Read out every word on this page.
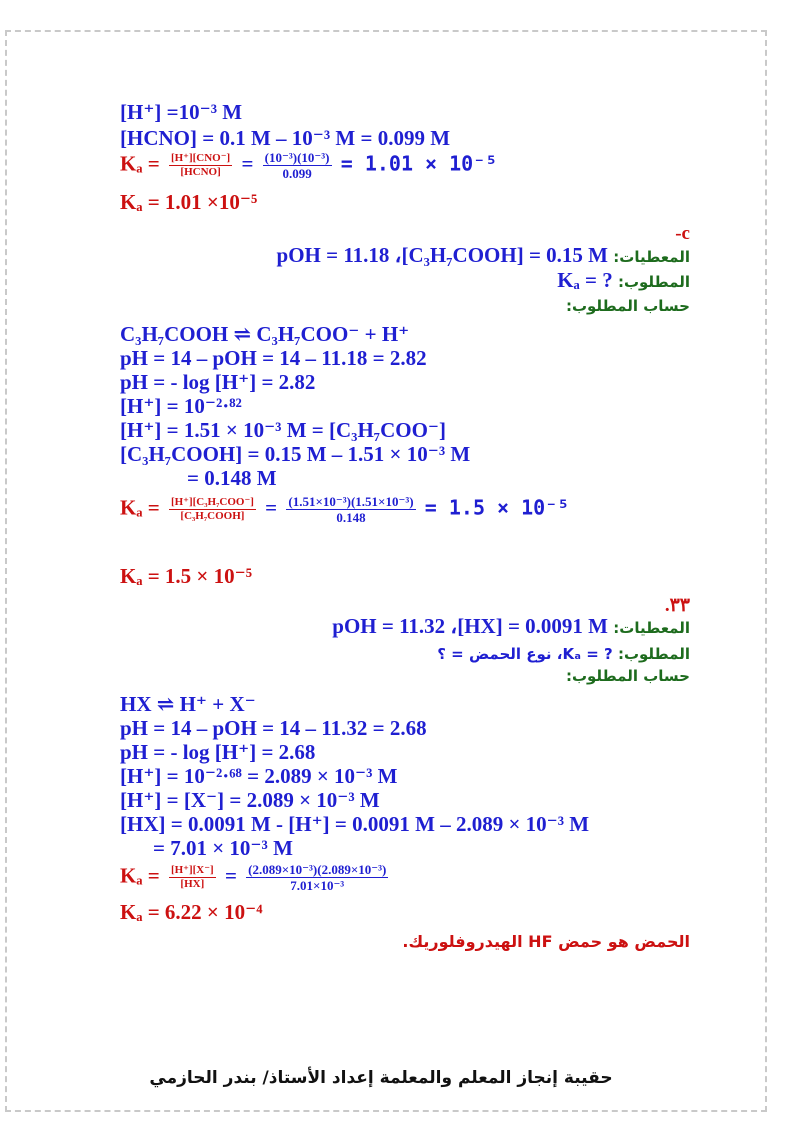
[H⁺] =10⁻³ M
[HCNO] = 0.1 M – 10⁻³ M = 0.099 M
$K_a = \frac{\text{[H⁺][CNO⁻]}}{\text{[HCNO]}} = \frac{\text{(10⁻³)(10⁻³)}}{0.099} = 1.01 \times 10^{-5}$
Kₐ = 1.01 ×10⁻⁵
-c
المعطيات: pOH = 11.18 ،[C₃H₇COOH] = 0.15 M
المطلوب: Kₐ = ?
حساب المطلوب:
C₃H₇COOH ⇌ C₃H₇COO⁻ + H⁺
pH = 14 – pOH = 14 – 11.18 = 2.82
pH = - log [H⁺] = 2.82
[H⁺] = 10⁻²·⁸²
[H⁺] = 1.51 × 10⁻³ M = [C₃H₇COO⁻]
[C₃H₇COOH] = 0.15 M – 1.51 × 10⁻³ M
= 0.148 M
$K_a = \frac{\text{[H⁺][C₃H₇COO⁻]}}{\text{[C₃H₇COOH]}} = \frac{\text{(1.51×10⁻³)(1.51×10⁻³)}}{0.148} = 1.5 \times 10^{-5}$
Kₐ = 1.5 × 10⁻⁵
.٣٣
المعطيات: pOH = 11.32 ،[HX] = 0.0091 M
المطلوب: ? = Kₐ، نوع الحمض = ؟
حساب المطلوب:
HX ⇌ H⁺ + X⁻
pH = 14 – pOH = 14 – 11.32 = 2.68
pH = - log [H⁺] = 2.68
[H⁺] = 10⁻²·⁶⁸ = 2.089 × 10⁻³ M
[H⁺] = [X⁻] = 2.089 × 10⁻³ M
[HX] = 0.0091 M - [H⁺] = 0.0091 M – 2.089 × 10⁻³ M
= 7.01 × 10⁻³ M
$K_a = \frac{[H^+][X^-]}{[HX]} = \frac{\text{(2.089×10⁻³)(2.089×10⁻³)}}{\text{7.01×10⁻³}}$
Kₐ = 6.22 × 10⁻⁴
الحمض هو حمض HF الهيدروفلوريك.
حقيبة إنجاز المعلم والمعلمة إعداد الأستاذ/ بندر الحازمي
